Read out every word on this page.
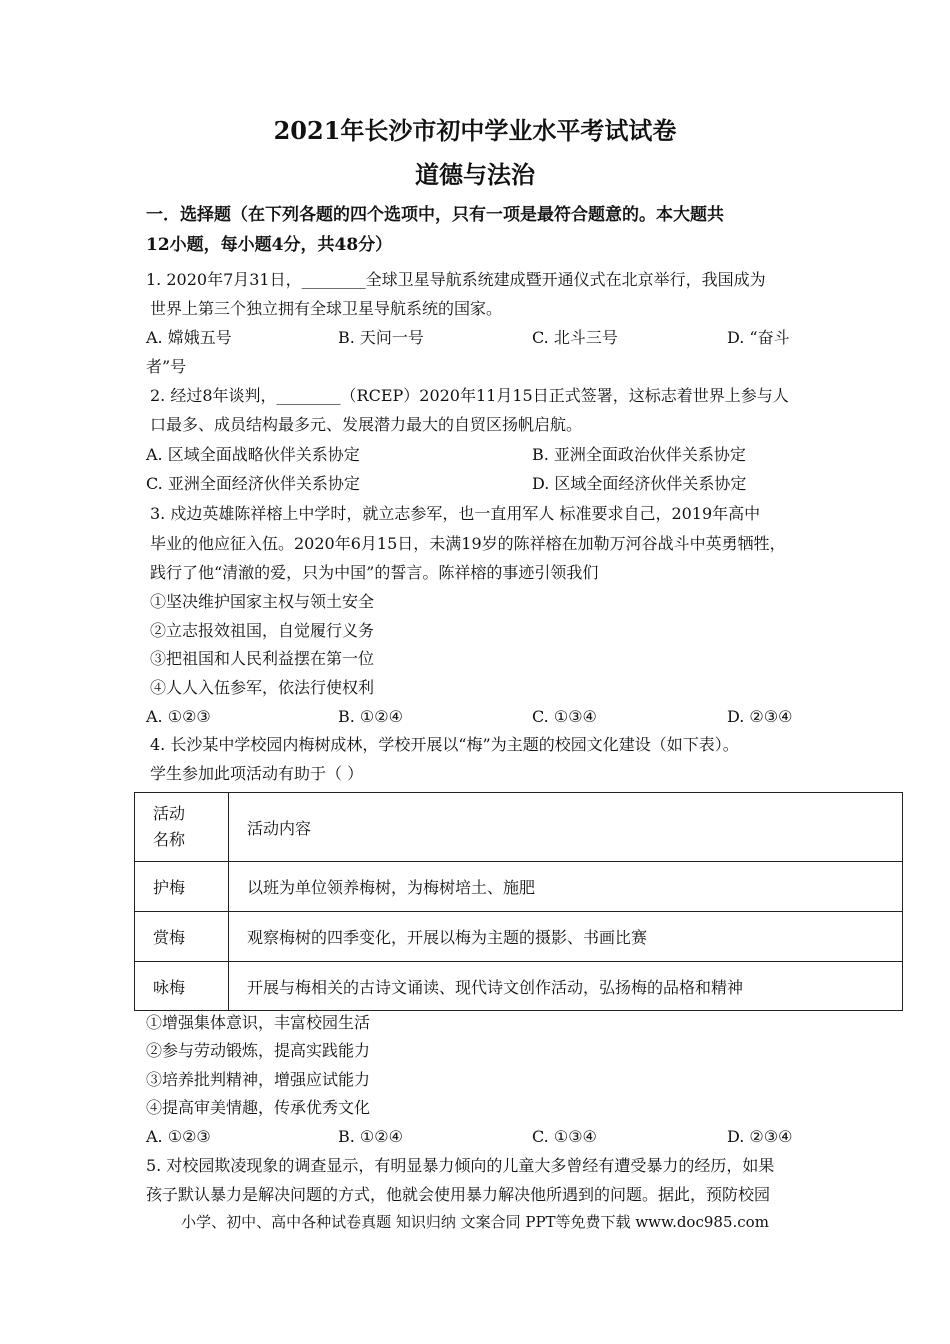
2021年长沙市初中学业水平考试试卷
道德与法治
一．选择题（在下列各题的四个选项中，只有一项是最符合题意的。本大题共
12小题，每小题4分，共48分）
1. 2020年7月31日，________全球卫星导航系统建成暨开通仪式在北京举行，我国成为
世界上第三个独立拥有全球卫星导航系统的国家。
A. 嫦娥五号	B. 天问一号	C. 北斗三号	D. “奋斗
者”号
2. 经过8年谈判，________（RCEP）2020年11月15日正式签署，这标志着世界上参与人
口最多、成员结构最多元、发展潜力最大的自贸区扬帆启航。
A. 区域全面战略伙伴关系协定	B. 亚洲全面政治伙伴关系协定
C. 亚洲全面经济伙伴关系协定	D. 区域全面经济伙伴关系协定
3. 戍边英雄陈祥榕上中学时，就立志参军，也一直用军人 标准要求自己，2019年高中
毕业的他应征入伍。2020年6月15日，未满19岁的陈祥榕在加勒万河谷战斗中英勇牺牲，
践行了他“清澈的爱，只为中国”的誓言。陈祥榕的事迹引领我们
①坚决维护国家主权与领土安全
②立志报效祖国，自觉履行义务
③把祖国和人民利益摆在第一位
④人人入伍参军，依法行使权利
A. ①②③	B. ①②④	C. ①③④	D. ②③④
4. 长沙某中学校园内梅树成林，学校开展以“梅”为主题的校园文化建设（如下表）。
学生参加此项活动有助于（ ）
活动
名称	活动内容
护梅	以班为单位领养梅树，为梅树培土、施肥
赏梅	观察梅树的四季变化，开展以梅为主题的摄影、书画比赛
咏梅	开展与梅相关的古诗文诵读、现代诗文创作活动，弘扬梅的品格和精神
①增强集体意识，丰富校园生活
②参与劳动锻炼，提高实践能力
③培养批判精神，增强应试能力
④提高审美情趣，传承优秀文化
A. ①②③	B. ①②④	C. ①③④	D. ②③④
5. 对校园欺凌现象的调查显示，有明显暴力倾向的儿童大多曾经有遭受暴力的经历，如果
孩子默认暴力是解决问题的方式，他就会使用暴力解决他所遇到的问题。据此，预防校园
小学、初中、高中各种试卷真题 知识归纳 文案合同 PPT等免费下载 www.doc985.com
